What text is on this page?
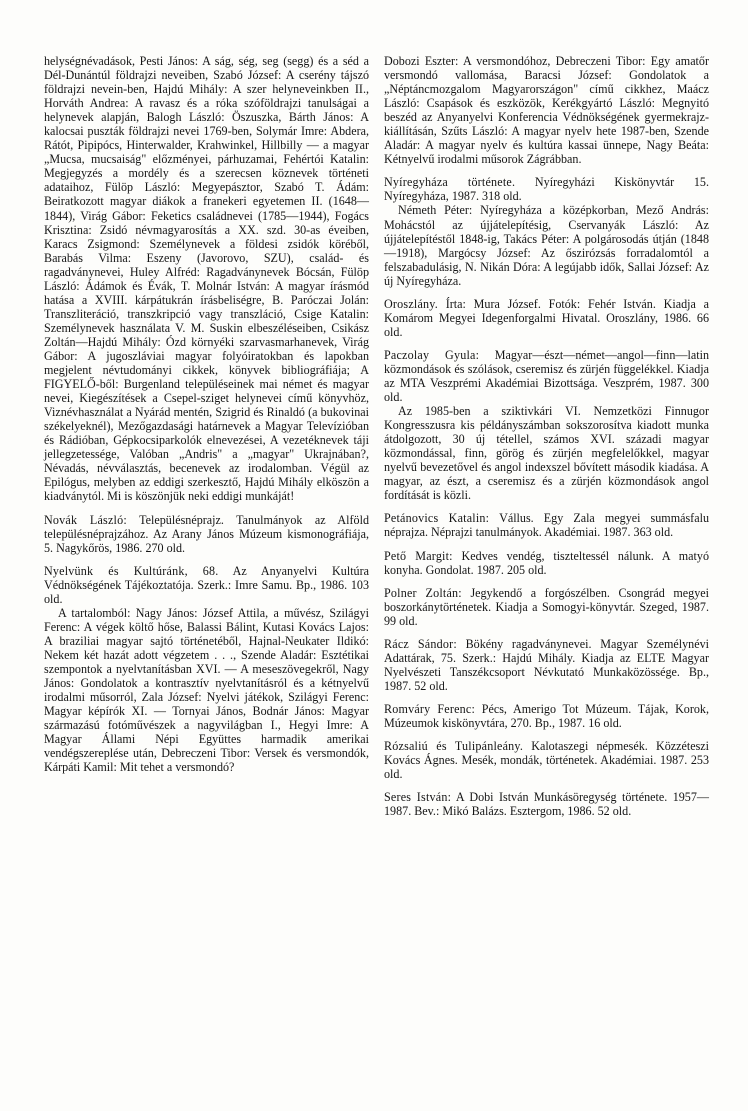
helységnévadások, Pesti János: A ság, ség, seg (segg) és a séd a Dél-Dunántúl földrajzi neveiben, Szabó József: A cserény tájszó földrajzi nevein-ben, Hajdú Mihály: A szer helyneveinkben II., Horváth Andrea: A ravasz és a róka szóföldrajzi tanulságai a helynevek alapján, Balogh László: Öszuszka, Bárth János: A kalocsai puszták földrajzi nevei 1769-ben, Solymár Imre: Abdera, Rátót, Pipipócs, Hinterwalder, Krahwinkel, Hillbilly — a magyar „Mucsa, mucsaiság" előzményei, párhuzamai, Fehértói Katalin: Megjegyzés a mordély és a szerecsen köznevek történeti adataihoz, Fülöp László: Megyepásztor, Szabó T. Ádám: Beiratkozott magyar diákok a franekeri egyetemen II. (1648—1844), Virág Gábor: Feketics családnevei (1785—1944), Fogács Krisztina: Zsidó névmagyarosítás a XX. szd. 30-as éveiben, Karacs Zsigmond: Személynevek a földesi zsidók köréből, Barabás Vilma: Eszeny (Javorovo, SZU), család- és ragadványnevei, Huley Alfréd: Ragadványnevek Bócsán, Fülöp László: Ádámok és Évák, T. Molnár István: A magyar írásmód hatása a XVIII. kárpátukrán írásbeliségre, B. Paróczai Jolán: Transzliteráció, transzkripció vagy transzláció, Csige Katalin: Személynevek használata V. M. Suskin elbeszéléseiben, Csikász Zoltán—Hajdú Mihály: Ózd környéki szarvasmarhanevek, Virág Gábor: A jugoszláviai magyar folyóiratokban és lapokban megjelent névtudományi cikkek, könyvek bibliográfiája; A FIGYELŐ-ből: Burgenland településeinek mai német és magyar nevei, Kiegészítések a Csepel-sziget helynevei című könyvhöz, Viznévhasználat a Nyárád mentén, Szigrid és Rinaldó (a bukovinai székelyeknél), Mezőgazdasági határnevek a Magyar Televízióban és Rádióban, Gépkocsiparkolók elnevezései, A vezetéknevek táji jellegzetessége, Valóban „Andris" a „magyar" Ukrajnában?, Névadás, névválasztás, becenevek az irodalomban. Végül az Epilógus, melyben az eddigi szerkesztő, Hajdú Mihály elköszön a kiadványtól. Mi is köszönjük neki eddigi munkáját!

Novák László: Településnéprajz. Tanulmányok az Alföld településnéprajzához. Az Arany János Múzeum kismonográfiája, 5. Nagykőrös, 1986. 270 old.

Nyelvünk és Kultúránk, 68. Az Anyanyelvi Kultúra Védnökségének Tájékoztatója. Szerk.: Imre Samu. Bp., 1986. 103 old.

A tartalomból: Nagy János: József Attila, a művész, Szilágyi Ferenc: A végek költő hőse, Balassi Bálint, Kutasi Kovács Lajos: A braziliai magyar sajtó történetéből, Hajnal-Neukater Ildikó: Nekem két hazát adott végzetem . . ., Szende Aladár: Esztétikai szempontok a nyelvtanításban XVI. — A meseszövegekről, Nagy János: Gondolatok a kontrasztív nyelvtanításról és a kétnyelvű irodalmi műsorról, Zala József: Nyelvi játékok, Szilágyi Ferenc: Magyar képírók XI. — Tornyai János, Bodnár János: Magyar származású fotóművészek a nagyvilágban I., Hegyi Imre: A Magyar Állami Népi Együttes harmadik amerikai vendégszereplése után, Debreczeni Tibor: Versek és versmondók, Kárpáti Kamil: Mit tehet a versmondó?

Dobozi Eszter: A versmondóhoz, Debreczeni Tibor: Egy amatőr versmondó vallomása, Baracsi József: Gondolatok a „Néptáncmozgalom Magyarországon" című cikkhez, Maácz László: Csapások és eszközök, Kerékgyártó László: Megnyitó beszéd az Anyanyelvi Konferencia Védnökségének gyermekrajz-kiállításán, Szűts László: A magyar nyelv hete 1987-ben, Szende Aladár: A magyar nyelv és kultúra kassai ünnepe, Nagy Beáta: Kétnyelvű irodalmi műsorok Zágrábban.

Nyíregyháza története. Nyíregyházi Kiskönyvtár 15. Nyíregyháza, 1987. 318 old.

Németh Péter: Nyíregyháza a középkorban, Mező András: Mohácstól az újjátelepítésig, Cservanyák László: Az újjátelepítéstől 1848-ig, Takács Péter: A polgárosodás útján (1848—1918), Margócsy József: Az őszirózsás forradalomtól a felszabadulásig, N. Nikán Dóra: A legújabb idők, Sallai József: Az új Nyíregyháza.

Oroszlány. Írta: Mura József. Fotók: Fehér István. Kiadja a Komárom Megyei Idegenforgalmi Hivatal. Oroszlány, 1986. 66 old.

Paczolay Gyula: Magyar—észt—német—angol—finn—latin közmondások és szólások, cseremisz és zürjén függelékkel. Kiadja az MTA Veszprémi Akadémiai Bizottsága. Veszprém, 1987. 300 old.

Az 1985-ben a sziktivkári VI. Nemzetközi Finnugor Kongresszusra kis példányszámban sokszorosítva kiadott munka átdolgozott, 30 új tétellel, számos XVI. századi magyar közmondással, finn, görög és zürjén megfelelőkkel, magyar nyelvű bevezetővel és angol indexszel bővített második kiadása. A magyar, az észt, a cseremisz és a zürjén közmondások angol fordítását is közli.

Petánovics Katalin: Vállus. Egy Zala megyei summásfalu néprajza. Néprajzi tanulmányok. Akadémiai. 1987. 363 old.

Pető Margit: Kedves vendég, tiszteltessél nálunk. A matyó konyha. Gondolat. 1987. 205 old.

Polner Zoltán: Jegykendő a forgószélben. Csongrád megyei boszorkánytörténetek. Kiadja a Somogyi-könyvtár. Szeged, 1987. 99 old.

Rácz Sándor: Bökény ragadványnevei. Magyar Személynévi Adattárak, 75. Szerk.: Hajdú Mihály. Kiadja az ELTE Magyar Nyelvészeti Tanszékcsoport Névkutató Munkaközössége. Bp., 1987. 52 old.

Romváry Ferenc: Pécs, Amerigo Tot Múzeum. Tájak, Korok, Múzeumok kiskönyvtára, 270. Bp., 1987. 16 old.

Rózsaliú és Tulipánleány. Kalotaszegi népmesék. Közzéteszi Kovács Ágnes. Mesék, mondák, történetek. Akadémiai. 1987. 253 old.

Seres István: A Dobi István Munkásöregység története. 1957—1987. Bev.: Mikó Balázs. Esztergom, 1986. 52 old.
